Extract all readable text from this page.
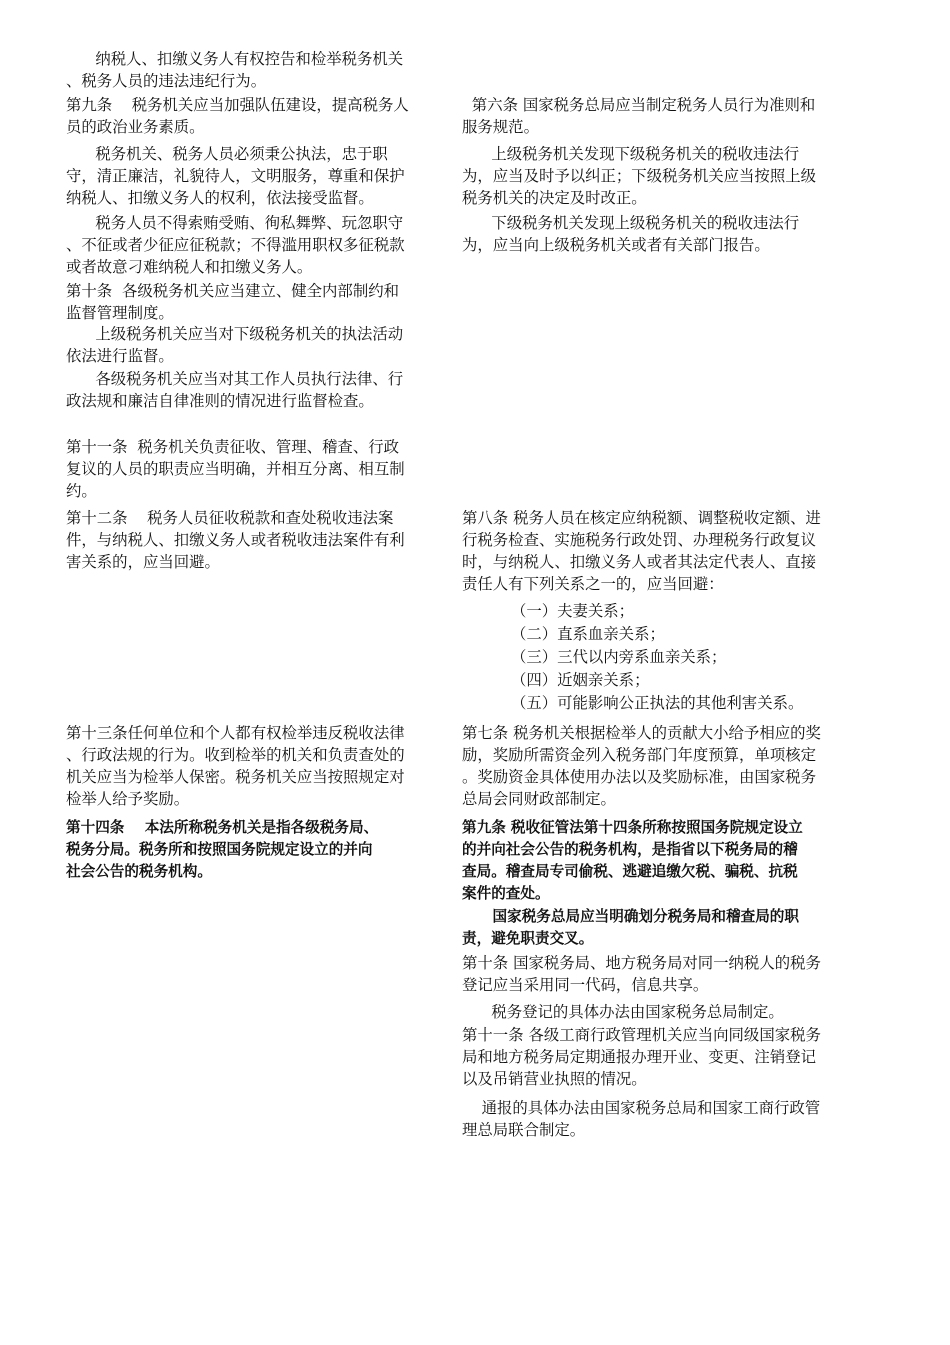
纳税人、扣缴义务人有权控告和检举税务机关
、税务人员的违法违纪行为。
第九条    税务机关应当加强队伍建设，提高税务人
员的政治业务素质。
税务机关、税务人员必须秉公执法，忠于职
守，清正廉洁，礼貌待人，文明服务，尊重和保护
纳税人、扣缴义务人的权利，依法接受监督。
税务人员不得索贿受贿、徇私舞弊、玩忽职守
、不征或者少征应征税款；不得滥用职权多征税款
或者故意刁难纳税人和扣缴义务人。
第十条  各级税务机关应当建立、健全内部制约和
监督管理制度。
上级税务机关应当对下级税务机关的执法活动
依法进行监督。
各级税务机关应当对其工作人员执行法律、行
政法规和廉洁自律准则的情况进行监督检查。
第十一条  税务机关负责征收、管理、稽查、行政
复议的人员的职责应当明确，并相互分离、相互制
约。
第十二条    税务人员征收税款和查处税收违法案
件，与纳税人、扣缴义务人或者税收违法案件有利
害关系的，应当回避。
第十三条任何单位和个人都有权检举违反税收法律
、行政法规的行为。收到检举的机关和负责查处的
机关应当为检举人保密。税务机关应当按照规定对
检举人给予奖励。
第十四条    本法所称税务机关是指各级税务局、
税务分局。税务所和按照国务院规定设立的并向
社会公告的税务机构。
第六条 国家税务总局应当制定税务人员行为准则和
服务规范。
上级税务机关发现下级税务机关的税收违法行
为，应当及时予以纠正；下级税务机关应当按照上级
税务机关的决定及时改正。
下级税务机关发现上级税务机关的税收违法行
为，应当向上级税务机关或者有关部门报告。
第八条 税务人员在核定应纳税额、调整税收定额、进
行税务检查、实施税务行政处罚、办理税务行政复议
时，与纳税人、扣缴义务人或者其法定代表人、直接
责任人有下列关系之一的，应当回避：
（一）夫妻关系；
（二）直系血亲关系；
（三）三代以内旁系血亲关系；
（四）近姻亲关系；
（五）可能影响公正执法的其他利害关系。
第七条 税务机关根据检举人的贡献大小给予相应的奖
励，奖励所需资金列入税务部门年度预算，单项核定
。奖励资金具体使用办法以及奖励标准，由国家税务
总局会同财政部制定。
第九条 税收征管法第十四条所称按照国务院规定设立
的并向社会公告的税务机构，是指省以下税务局的稽
查局。稽查局专司偷税、逃避追缴欠税、骗税、抗税
案件的查处。
国家税务总局应当明确划分税务局和稽查局的职
责，避免职责交叉。
第十条 国家税务局、地方税务局对同一纳税人的税务
登记应当采用同一代码，信息共享。
税务登记的具体办法由国家税务总局制定。
第十一条 各级工商行政管理机关应当向同级国家税务
局和地方税务局定期通报办理开业、变更、注销登记
以及吊销营业执照的情况。
通报的具体办法由国家税务总局和国家工商行政管
理总局联合制定。
